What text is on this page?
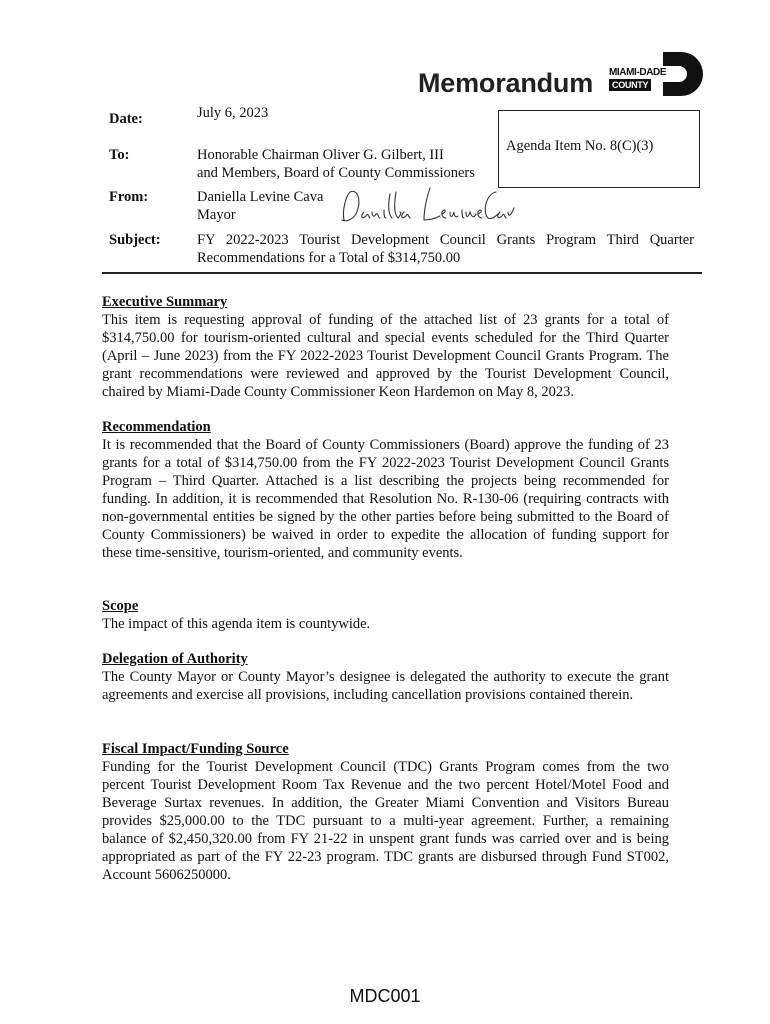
Memorandum MIAMI-DADE
COUNTY
Date:	July 6, 2023
Agenda Item No. 8(C)(3)
To:	Honorable Chairman Oliver G. Gilbert, III
and Members, Board of County Commissioners
From:	Daniella Levine Cava
Mayor
Subject:	FY 2022-2023 Tourist Development Council Grants Program Third Quarter
Recommendations for a Total of $314,750.00
Executive Summary

This item is requesting approval of funding of the attached list of 23 grants for a total of $314,750.00 for tourism-oriented cultural and special events scheduled for the Third Quarter (April – June 2023) from the FY 2022-2023 Tourist Development Council Grants Program. The grant recommendations were reviewed and approved by the Tourist Development Council, chaired by Miami-Dade County Commissioner Keon Hardemon on May 8, 2023.

Recommendation

It is recommended that the Board of County Commissioners (Board) approve the funding of 23 grants for a total of $314,750.00 from the FY 2022-2023 Tourist Development Council Grants Program – Third Quarter. Attached is a list describing the projects being recommended for funding. In addition, it is recommended that Resolution No. R-130-06 (requiring contracts with non-governmental entities be signed by the other parties before being submitted to the Board of County Commissioners) be waived in order to expedite the allocation of funding support for these time-sensitive, tourism-oriented, and community events.

Scope

The impact of this agenda item is countywide.

Delegation of Authority

The County Mayor or County Mayor’s designee is delegated the authority to execute the grant agreements and exercise all provisions, including cancellation provisions contained therein.

Fiscal Impact/Funding Source

Funding for the Tourist Development Council (TDC) Grants Program comes from the two percent Tourist Development Room Tax Revenue and the two percent Hotel/Motel Food and Beverage Surtax revenues. In addition, the Greater Miami Convention and Visitors Bureau provides $25,000.00 to the TDC pursuant to a multi-year agreement. Further, a remaining balance of $2,450,320.00 from FY 21-22 in unspent grant funds was carried over and is being appropriated as part of the FY 22-23 program. TDC grants are disbursed through Fund ST002, Account 5606250000.

MDC001
